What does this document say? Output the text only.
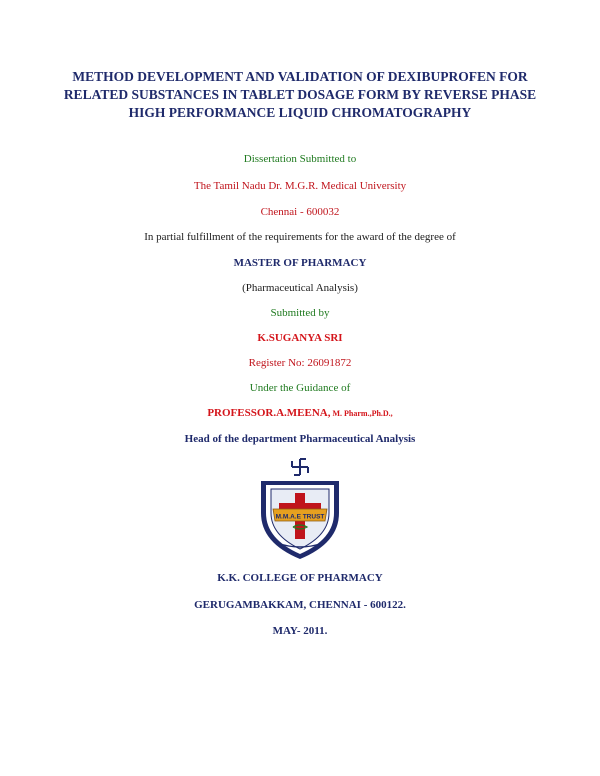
METHOD DEVELOPMENT AND VALIDATION OF DEXIBUPROFEN FOR RELATED SUBSTANCES IN TABLET DOSAGE FORM BY REVERSE PHASE HIGH PERFORMANCE LIQUID CHROMATOGRAPHY
Dissertation Submitted to
The Tamil Nadu Dr. M.G.R. Medical University
Chennai - 600032
In partial fulfillment of the requirements for the award of the degree of
MASTER OF PHARMACY
(Pharmaceutical Analysis)
Submitted by
K.SUGANYA SRI
Register No: 26091872
Under the Guidance of
PROFESSOR.A.MEENA, M. Pharm.,Ph.D.,
Head of the department Pharmaceutical Analysis
M.M.A.E TRUST
K.K. COLLEGE OF PHARMACY
GERUGAMBAKKAM, CHENNAI - 600122.
MAY- 2011.
